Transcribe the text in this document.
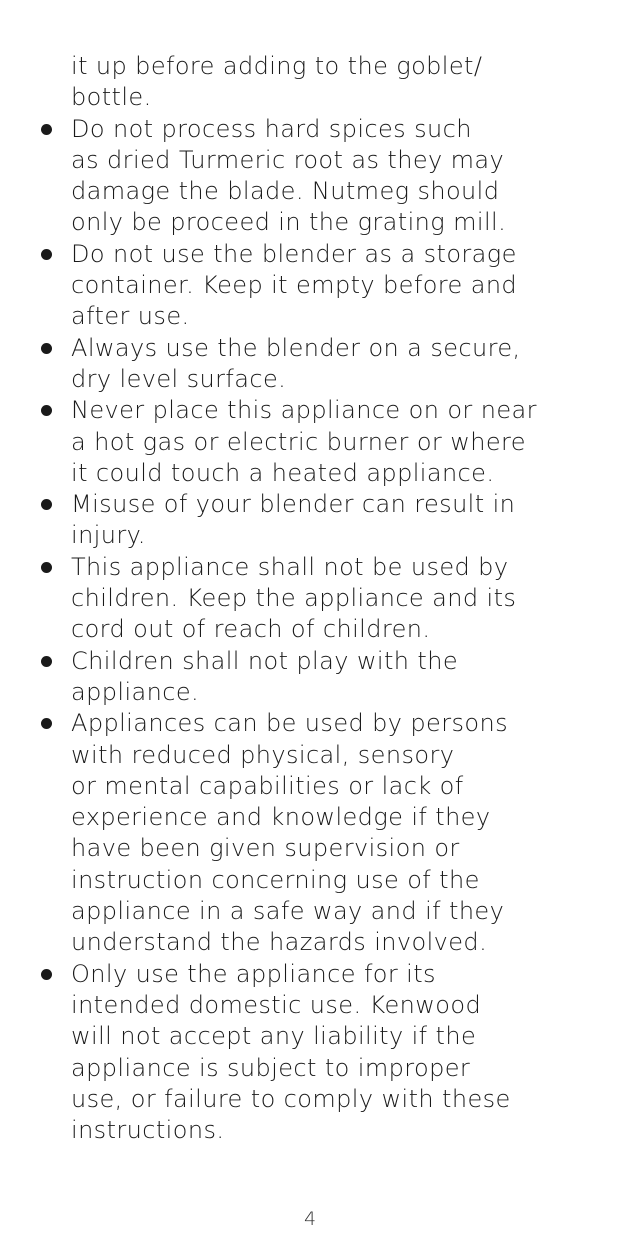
it up before adding to the goblet/
bottle.
Do not process hard spices such
as dried Turmeric root as they may
damage the blade. Nutmeg should
only be proceed in the grating mill.
Do not use the blender as a storage
container. Keep it empty before and
after use.
Always use the blender on a secure,
dry level surface.
Never place this appliance on or near
a hot gas or electric burner or where
it could touch a heated appliance.
Misuse of your blender can result in
injury.
This appliance shall not be used by
children. Keep the appliance and its
cord out of reach of children.
Children shall not play with the
appliance.
Appliances can be used by persons
with reduced physical, sensory
or mental capabilities or lack of
experience and knowledge if they
have been given supervision or
instruction concerning use of the
appliance in a safe way and if they
understand the hazards involved.
Only use the appliance for its
intended domestic use. Kenwood
will not accept any liability if the
appliance is subject to improper
use, or failure to comply with these
instructions.
4
